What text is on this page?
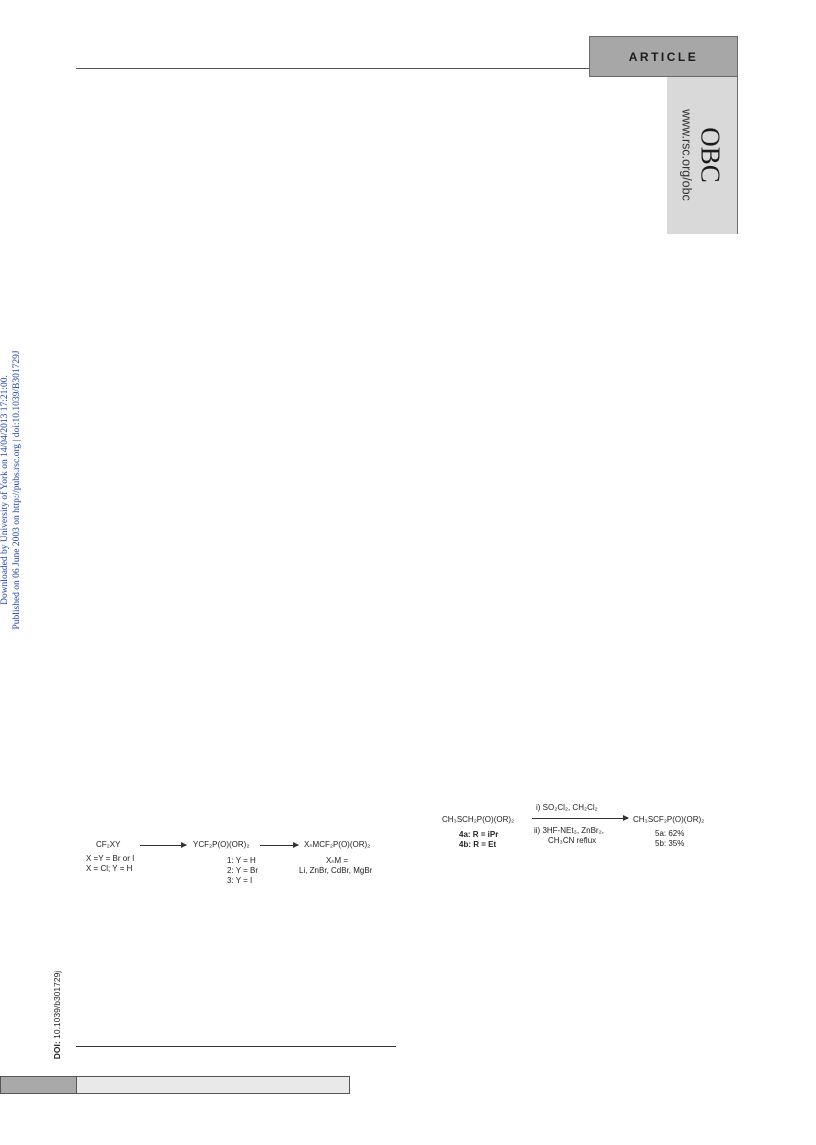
ARTICLE
OBC
www.rsc.org/obc
Downloaded by University of York on 14/04/2013 17:21:00. Published on 06 June 2003 on http://pubs.rsc.org | doi:10.1039/B301729J
DOI: 10.1039/b301729j
CF₂XY
X =Y = Br or I
X = Cl; Y = H
YCF₂P(O)(OR)₂
1: Y = H
2: Y = Br
3: Y = I
XₙMCF₂P(O)(OR)₂
XₙM =
Li, ZnBr, CdBr, MgBr
CH₃SCH₂P(O)(OR)₂
i) SO₂Cl₂, CH₂Cl₂
ii) 3HF-NEt₃, ZnBr₂,
CH₃CN reflux
CH₃SCF₂P(O)(OR)₂
4a: R = iPr
4b: R = Et
5a: 62%
5b: 35%
